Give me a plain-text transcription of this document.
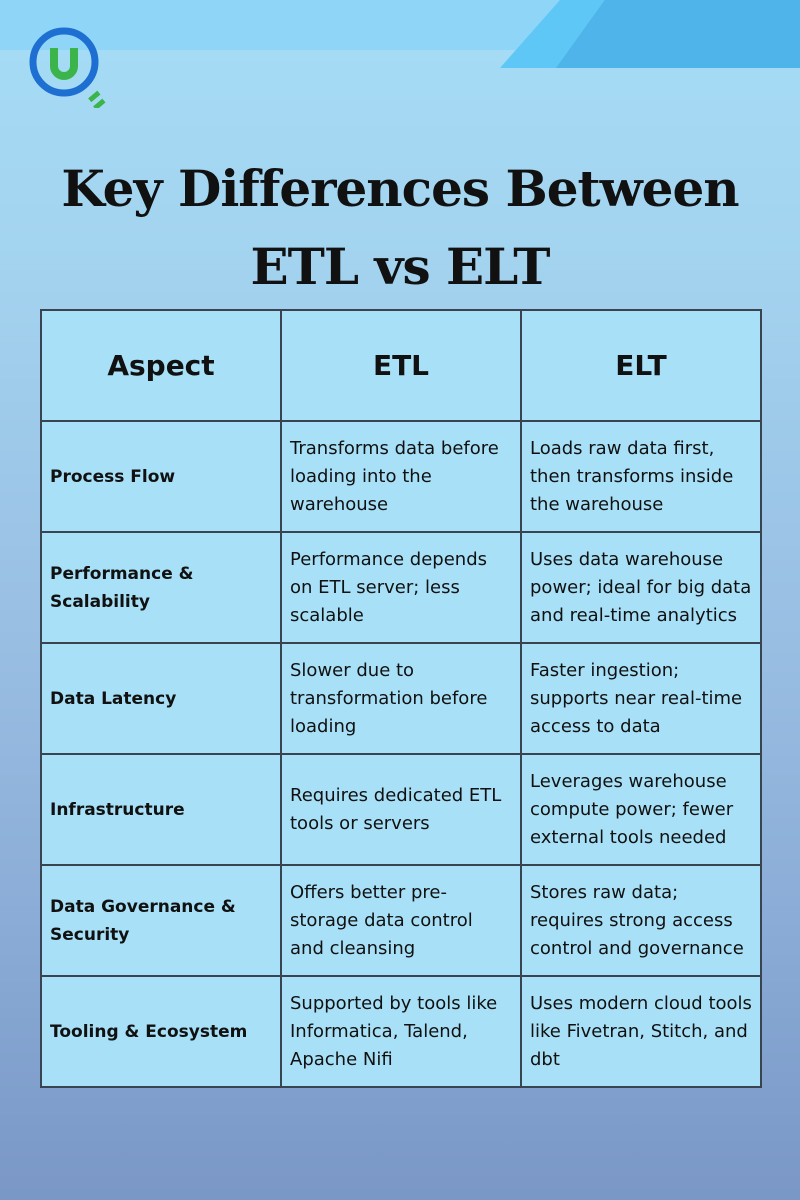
Key Differences Between
ETL vs ELT
Aspect	ETL	ELT
Process Flow	Transforms data before loading into the warehouse	Loads raw data first, then transforms inside the warehouse
Performance & Scalability	Performance depends on ETL server; less scalable	Uses data warehouse power; ideal for big data and real-time analytics
Data Latency	Slower due to transformation before loading	Faster ingestion; supports near real-time access to data
Infrastructure	Requires dedicated ETL tools or servers	Leverages warehouse compute power; fewer external tools needed
Data Governance & Security	Offers better pre-storage data control and cleansing	Stores raw data; requires strong access control and governance
Tooling & Ecosystem	Supported by tools like Informatica, Talend, Apache Nifi	Uses modern cloud tools like Fivetran, Stitch, and dbt
